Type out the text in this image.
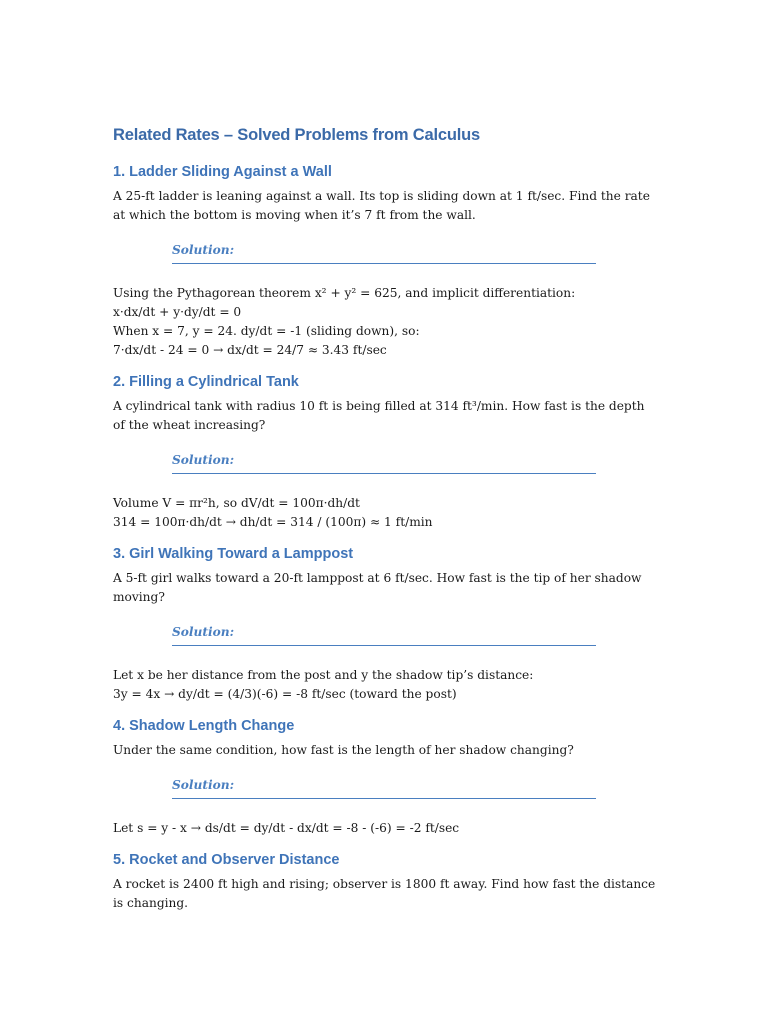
Related Rates – Solved Problems from Calculus
1. Ladder Sliding Against a Wall

A 25-ft ladder is leaning against a wall. Its top is sliding down at 1 ft/sec. Find the rate at which the bottom is moving when it’s 7 ft from the wall.

Solution:
Using the Pythagorean theorem x² + y² = 625, and implicit differentiation:
x·dx/dt + y·dy/dt = 0
When x = 7, y = 24. dy/dt = -1 (sliding down), so:
7·dx/dt - 24 = 0 → dx/dt = 24/7 ≈ 3.43 ft/sec
2. Filling a Cylindrical Tank

A cylindrical tank with radius 10 ft is being filled at 314 ft³/min. How fast is the depth of the wheat increasing?

Solution:
Volume V = πr²h, so dV/dt = 100π·dh/dt
314 = 100π·dh/dt → dh/dt = 314 / (100π) ≈ 1 ft/min
3. Girl Walking Toward a Lamppost

A 5-ft girl walks toward a 20-ft lamppost at 6 ft/sec. How fast is the tip of her shadow moving?

Solution:
Let x be her distance from the post and y the shadow tip’s distance:
3y = 4x → dy/dt = (4/3)(-6) = -8 ft/sec (toward the post)
4. Shadow Length Change

Under the same condition, how fast is the length of her shadow changing?

Solution:
Let s = y - x → ds/dt = dy/dt - dx/dt = -8 - (-6) = -2 ft/sec
5. Rocket and Observer Distance

A rocket is 2400 ft high and rising; observer is 1800 ft away. Find how fast the distance is changing.
